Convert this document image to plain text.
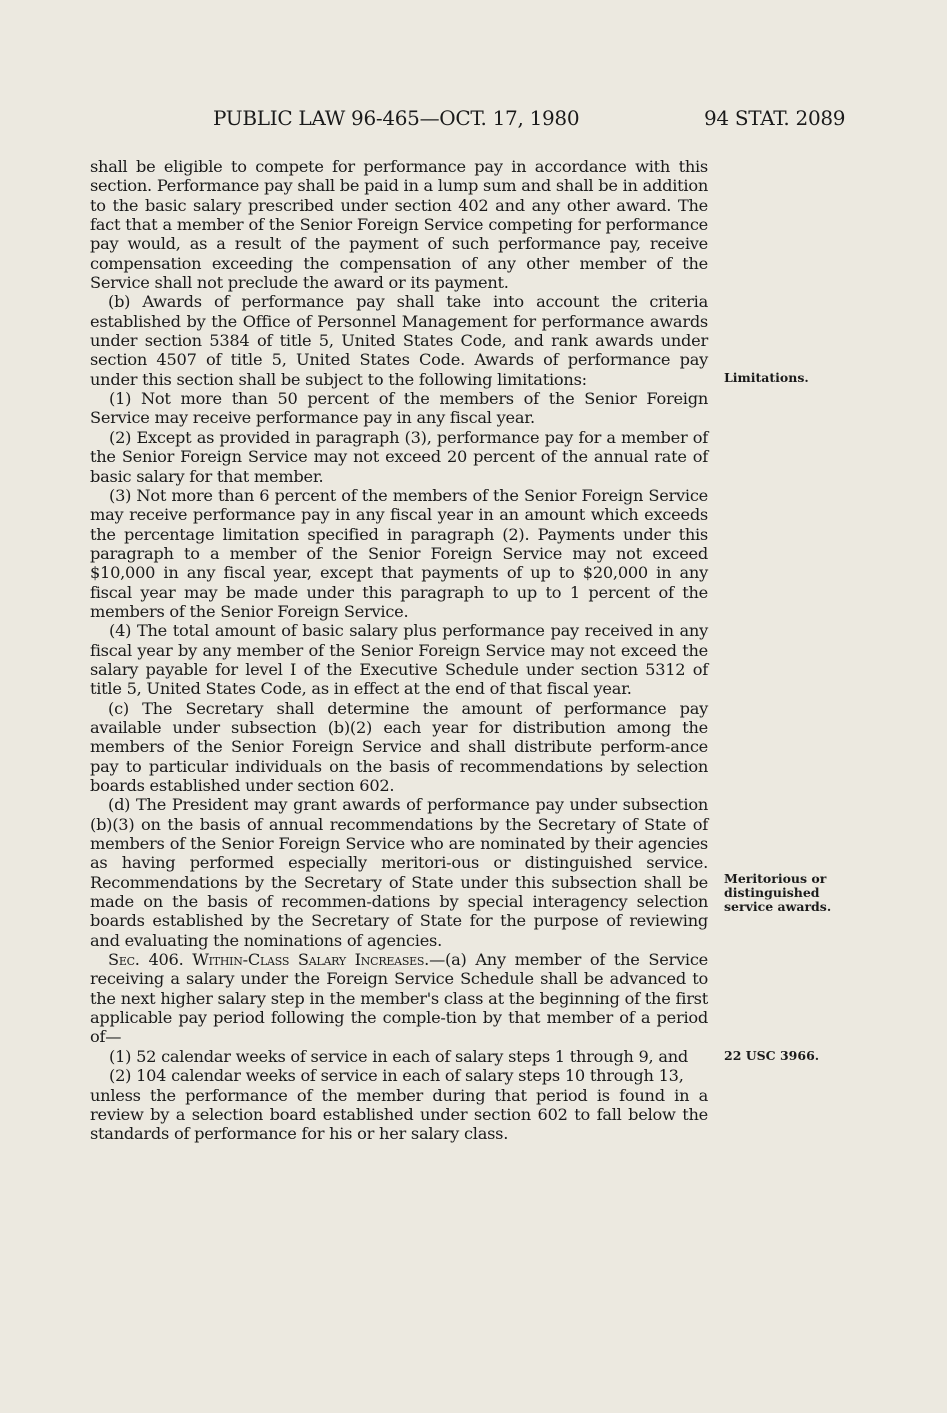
PUBLIC LAW 96-465—OCT. 17, 1980	94 STAT. 2089
Limitations.
Meritorious or
distinguished
service awards.
22 USC 3966.

shall be eligible to compete for performance pay in accordance with this section. Performance pay shall be paid in a lump sum and shall be in addition to the basic salary prescribed under section 402 and any other award. The fact that a member of the Senior Foreign Service competing for performance pay would, as a result of the payment of such performance pay, receive compensation exceeding the compensation of any other member of the Service shall not preclude the award or its payment.

(b) Awards of performance pay shall take into account the criteria established by the Office of Personnel Management for performance awards under section 5384 of title 5, United States Code, and rank awards under section 4507 of title 5, United States Code. Awards of performance pay under this section shall be subject to the following limitations:

(1) Not more than 50 percent of the members of the Senior Foreign Service may receive performance pay in any fiscal year.

(2) Except as provided in paragraph (3), performance pay for a member of the Senior Foreign Service may not exceed 20 percent of the annual rate of basic salary for that member.

(3) Not more than 6 percent of the members of the Senior Foreign Service may receive performance pay in any fiscal year in an amount which exceeds the percentage limitation specified in paragraph (2). Payments under this paragraph to a member of the Senior Foreign Service may not exceed $10,000 in any fiscal year, except that payments of up to $20,000 in any fiscal year may be made under this paragraph to up to 1 percent of the members of the Senior Foreign Service.

(4) The total amount of basic salary plus performance pay received in any fiscal year by any member of the Senior Foreign Service may not exceed the salary payable for level I of the Executive Schedule under section 5312 of title 5, United States Code, as in effect at the end of that fiscal year.

(c) The Secretary shall determine the amount of performance pay available under subsection (b)(2) each year for distribution among the members of the Senior Foreign Service and shall distribute perform-ance pay to particular individuals on the basis of recommendations by selection boards established under section 602.

(d) The President may grant awards of performance pay under subsection (b)(3) on the basis of annual recommendations by the Secretary of State of members of the Senior Foreign Service who are nominated by their agencies as having performed especially meritori-ous or distinguished service. Recommendations by the Secretary of State under this subsection shall be made on the basis of recommen-dations by special interagency selection boards established by the Secretary of State for the purpose of reviewing and evaluating the nominations of agencies.

Sec. 406. Within-Class Salary Increases.—(a) Any member of the Service receiving a salary under the Foreign Service Schedule shall be advanced to the next higher salary step in the member's class at the beginning of the first applicable pay period following the comple-tion by that member of a period of—

(1) 52 calendar weeks of service in each of salary steps 1 through 9, and

(2) 104 calendar weeks of service in each of salary steps 10 through 13,

unless the performance of the member during that period is found in a review by a selection board established under section 602 to fall below the standards of performance for his or her salary class.
